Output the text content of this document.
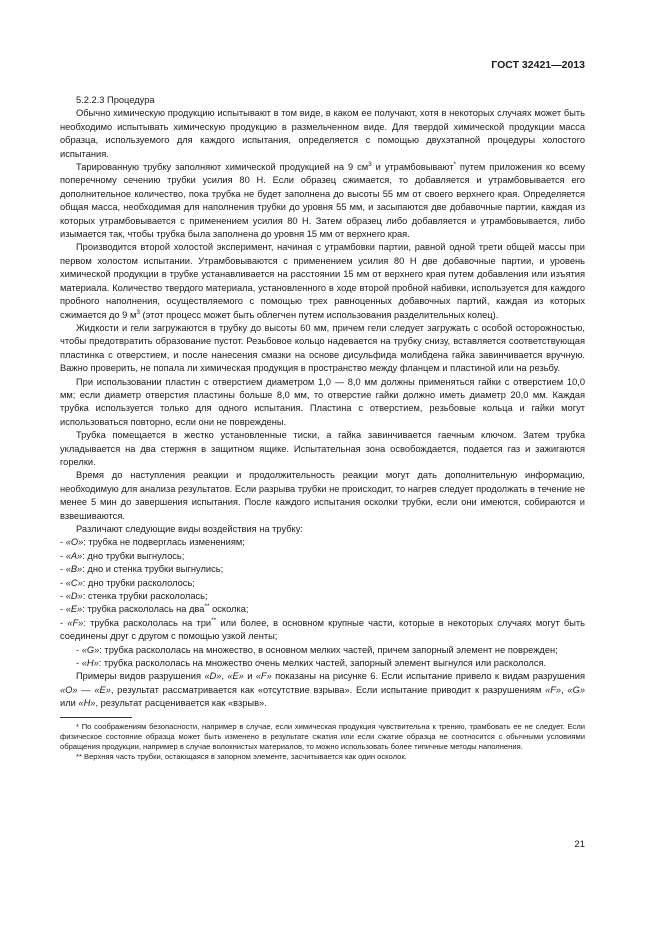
ГОСТ 32421—2013

5.2.2.3 Процедура

Обычно химическую продукцию испытывают в том виде, в каком ее получают, хотя в некоторых случаях может быть необходимо испытывать химическую продукцию в размельченном виде. Для твердой химической продукции масса образца, используемого для каждого испытания, определяется с помощью двухэтапной процедуры холостого испытания.

Тарированную трубку заполняют химической продукцией на 9 $см^3$ и утрамбовывают* путем приложения ко всему поперечному сечению трубки усилия 80 Н. Если образец сжимается, то добавляется и утрамбовывается его дополнительное количество, пока трубка не будет заполнена до высоты 55 мм от своего верхнего края. Определяется общая масса, необходимая для наполнения трубки до уровня 55 мм, и засыпаются две добавочные партии, каждая из которых утрамбовывается с применением усилия 80 Н. Затем образец либо добавляется и утрамбовывается, либо изымается так, чтобы трубка была заполнена до уровня 15 мм от верхнего края.

Производится второй холостой эксперимент, начиная с утрамбовки партии, равной одной трети общей массы при первом холостом испытании. Утрамбовываются с применением усилия 80 Н две добавочные партии, и уровень химической продукции в трубке устанавливается на расстоянии 15 мм от верхнего края путем добавления или изъятия материала. Количество твердого материала, установленного в ходе второй пробной набивки, используется для каждого пробного наполнения, осуществляемого с помощью трех равноценных добавочных партий, каждая из которых сжимается до 9 $м^3$ (этот процесс может быть облегчен путем использования разделительных колец).

Жидкости и гели загружаются в трубку до высоты 60 мм, причем гели следует загружать с особой осторожностью, чтобы предотвратить образование пустот. Резьбовое кольцо надевается на трубку снизу, вставляется соответствующая пластинка с отверстием, и после нанесения смазки на основе дисульфида молибдена гайка завинчивается вручную. Важно проверить, не попала ли химическая продукция в пространство между фланцем и пластиной или на резьбу.

При использовании пластин с отверстием диаметром 1,0 — 8,0 мм должны применяться гайки с отверстием 10,0 мм; если диаметр отверстия пластины больше 8,0 мм, то отверстие гайки должно иметь диаметр 20,0 мм. Каждая трубка используется только для одного испытания. Пластина с отверстием, резьбовые кольца и гайки могут использоваться повторно, если они не повреждены.

Трубка помещается в жестко установленные тиски, а гайка завинчивается гаечным ключом. Затем трубка укладывается на два стержня в защитном ящике. Испытательная зона освобождается, подается газ и зажигаются горелки.

Время до наступления реакции и продолжительность реакции могут дать дополнительную информацию, необходимую для анализа результатов. Если разрыва трубки не происходит, то нагрев следует продолжать в течение не менее 5 мин до завершения испытания. После каждого испытания осколки трубки, если они имеются, собираются и взвешиваются.

Различают следующие виды воздействия на трубку:

- «O»: трубка не подверглась изменениям;

- «A»: дно трубки выгнулось;

- «B»: дно и стенка трубки выгнулись;

- «C»: дно трубки раскололось;

- «D»: стенка трубки раскололась;

- «E»: трубка раскололась на два** осколка;

- «F»: трубка раскололась на три** или более, в основном крупные части, которые в некоторых случаях могут быть соединены друг с другом с помощью узкой ленты;

- «G»: трубка раскололась на множество, в основном мелких частей, причем запорный элемент не поврежден;

- «H»: трубка раскололась на множество очень мелких частей, запорный элемент выгнулся или раскололся.

Примеры видов разрушения «D», «E» и «F» показаны на рисунке 6. Если испытание привело к видам разрушения «O» — «E», результат рассматривается как «отсутствие взрыва». Если испытание приводит к разрушениям «F», «G» или «H», результат расценивается как «взрыв».

* По соображениям безопасности, например в случае, если химическая продукция чувствительна к трению, трамбовать ее не следует. Если физическое состояние образца может быть изменено в результате сжатия или если сжатие образца не соотносится с обычными условиями обращения продукции, например в случае волокнистых материалов, то можно использовать более типичные методы наполнения.

** Верхняя часть трубки, остающаяся в запорном элементе, засчитывается как один осколок.

21
